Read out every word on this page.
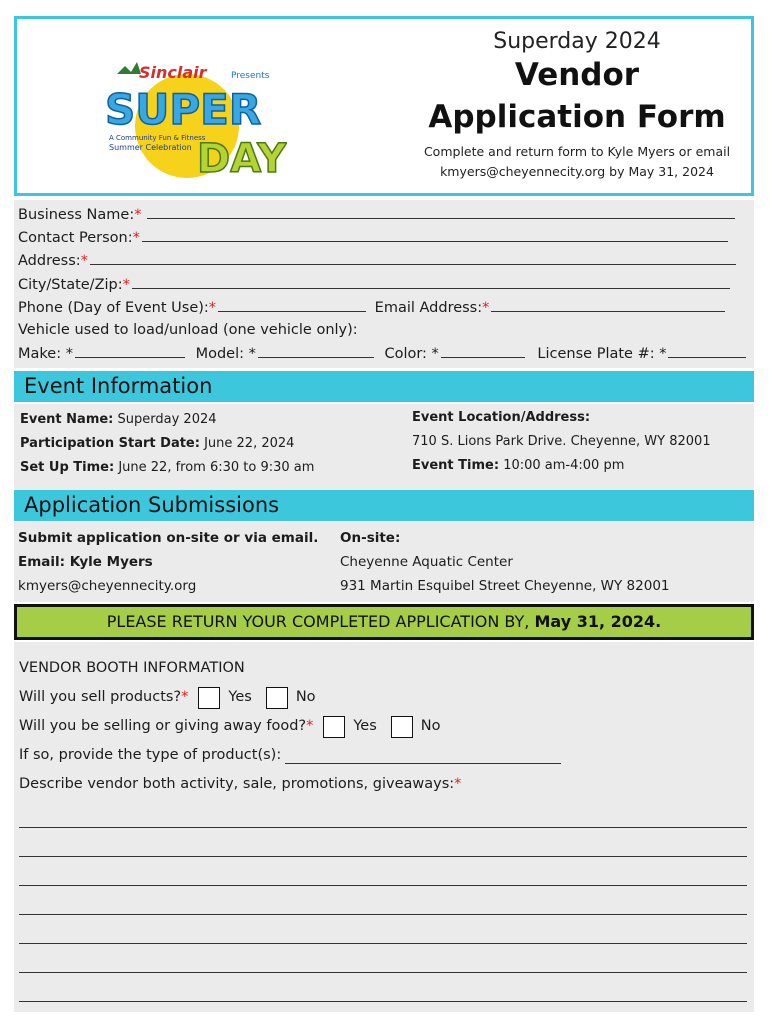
Sinclair	Presents
SUPER
DAY
A Community Fun & Fitness
Summer Celebration
Superday 2024
Vendor
Application Form
Complete and return form to Kyle Myers or email
kmyers@cheyennecity.org by May 31, 2024
Business Name:*
Contact Person:*
Address:*
City/State/Zip:*
Phone (Day of Event Use):*	Email Address:*
Vehicle used to load/unload (one vehicle only):
Make: *	Model: *	Color: *	License Plate #: *
Event Information
Event Name: Superday 2024
Participation Start Date: June 22, 2024
Set Up Time: June 22, from 6:30 to 9:30 am
Event Location/Address:
710 S. Lions Park Drive. Cheyenne, WY 82001
Event Time: 10:00 am-4:00 pm
Application Submissions
Submit application on-site or via email.
Email: Kyle Myers
kmyers@cheyennecity.org
On-site:
Cheyenne Aquatic Center
931 Martin Esquibel Street Cheyenne, WY 82001
PLEASE RETURN YOUR COMPLETED APPLICATION BY, May 31, 2024.
VENDOR BOOTH INFORMATION
Will you sell products? *	Yes	No
Will you be selling or giving away food? *	Yes	No
If so, provide the type of product(s):
Describe vendor both activity, sale, promotions, giveaways: *
